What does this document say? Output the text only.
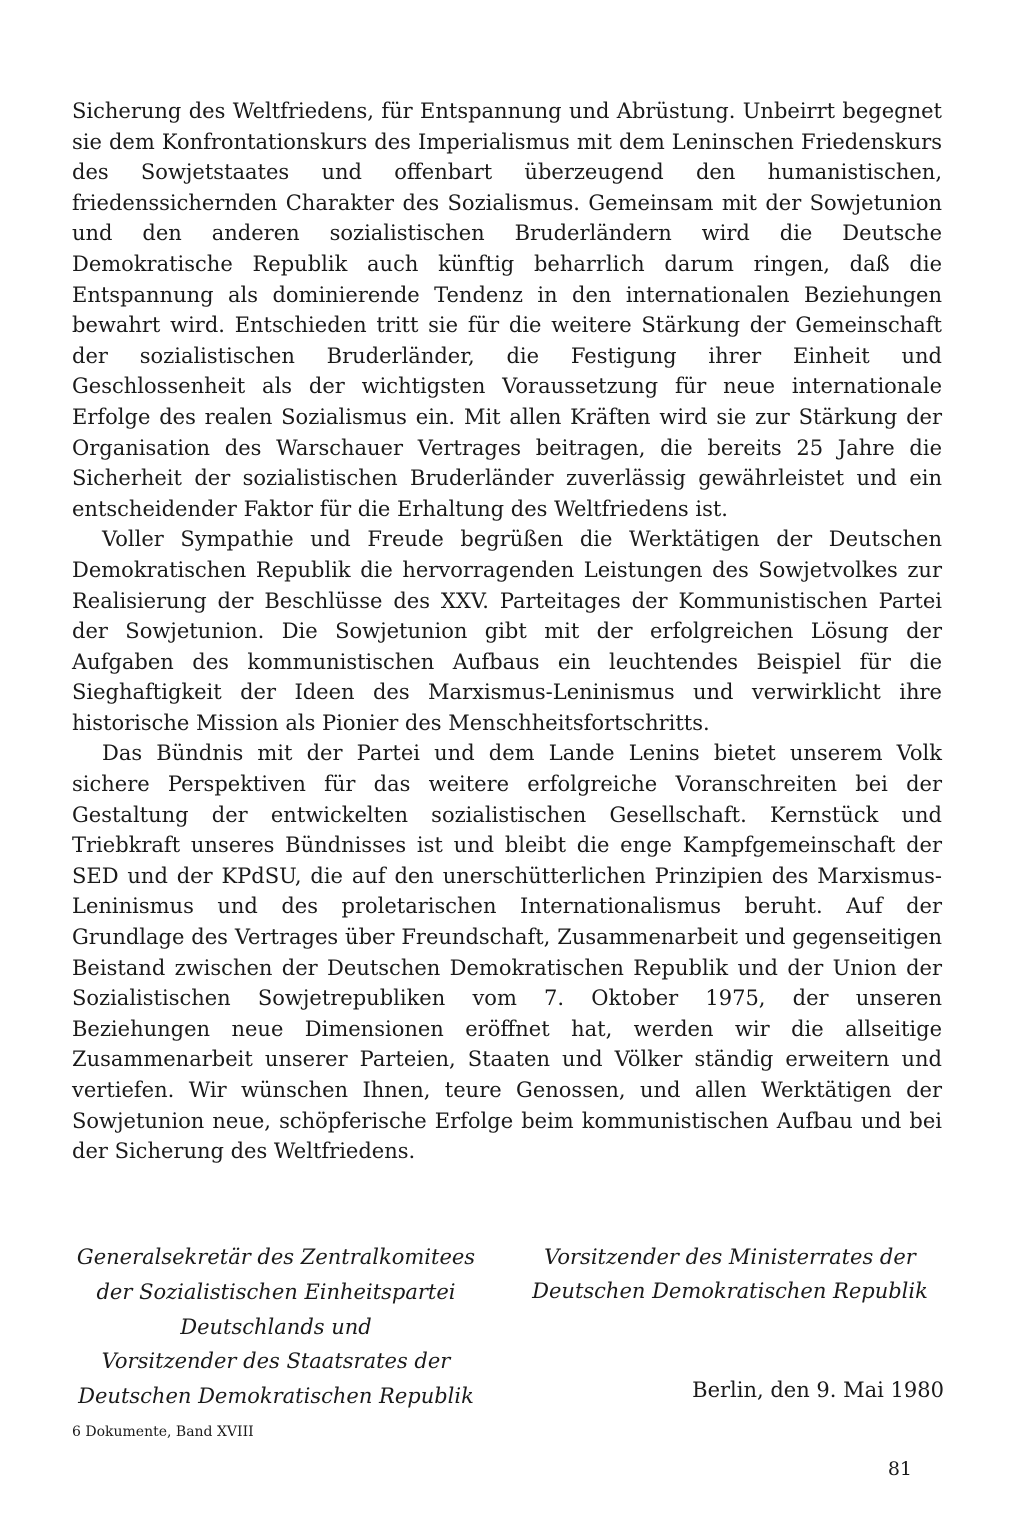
Sicherung des Weltfriedens, für Entspannung und Abrüstung. Unbeirrt begegnet sie dem Konfrontationskurs des Imperialismus mit dem Leninschen Friedenskurs des Sowjetstaates und offenbart überzeugend den humanistischen, friedenssichernden Charakter des Sozialismus. Gemeinsam mit der Sowjetunion und den anderen sozialistischen Bruderländern wird die Deutsche Demokratische Republik auch künftig beharrlich darum ringen, daß die Entspannung als dominierende Tendenz in den internationalen Beziehungen bewahrt wird. Entschieden tritt sie für die weitere Stärkung der Gemeinschaft der sozialistischen Bruderländer, die Festigung ihrer Einheit und Geschlossenheit als der wichtigsten Voraussetzung für neue internationale Erfolge des realen Sozialismus ein. Mit allen Kräften wird sie zur Stärkung der Organisation des Warschauer Vertrages beitragen, die bereits 25 Jahre die Sicherheit der sozialistischen Bruderländer zuverlässig gewährleistet und ein entscheidender Faktor für die Erhaltung des Weltfriedens ist.

Voller Sympathie und Freude begrüßen die Werktätigen der Deutschen Demokratischen Republik die hervorragenden Leistungen des Sowjetvolkes zur Realisierung der Beschlüsse des XXV. Parteitages der Kommunistischen Partei der Sowjetunion. Die Sowjetunion gibt mit der erfolgreichen Lösung der Aufgaben des kommunistischen Aufbaus ein leuchtendes Beispiel für die Sieghaftigkeit der Ideen des Marxismus-Leninismus und verwirklicht ihre historische Mission als Pionier des Menschheitsfortschritts.

Das Bündnis mit der Partei und dem Lande Lenins bietet unserem Volk sichere Perspektiven für das weitere erfolgreiche Voranschreiten bei der Gestaltung der entwickelten sozialistischen Gesellschaft. Kernstück und Triebkraft unseres Bündnisses ist und bleibt die enge Kampfgemeinschaft der SED und der KPdSU, die auf den unerschütterlichen Prinzipien des Marxismus-Leninismus und des proletarischen Internationalismus beruht. Auf der Grundlage des Vertrages über Freundschaft, Zusammenarbeit und gegenseitigen Beistand zwischen der Deutschen Demokratischen Republik und der Union der Sozialistischen Sowjetrepubliken vom 7. Oktober 1975, der unseren Beziehungen neue Dimensionen eröffnet hat, werden wir die allseitige Zusammenarbeit unserer Parteien, Staaten und Völker ständig erweitern und vertiefen. Wir wünschen Ihnen, teure Genossen, und allen Werktätigen der Sowjetunion neue, schöpferische Erfolge beim kommunistischen Aufbau und bei der Sicherung des Weltfriedens.

Generalsekretär des Zentralkomitees
der Sozialistischen Einheitspartei
Deutschlands und
Vorsitzender des Staatsrates der
Deutschen Demokratischen Republik
Vorsitzender des Ministerrates der
Deutschen Demokratischen Republik
Berlin, den 9. Mai 1980
6 Dokumente, Band XVIII
81
